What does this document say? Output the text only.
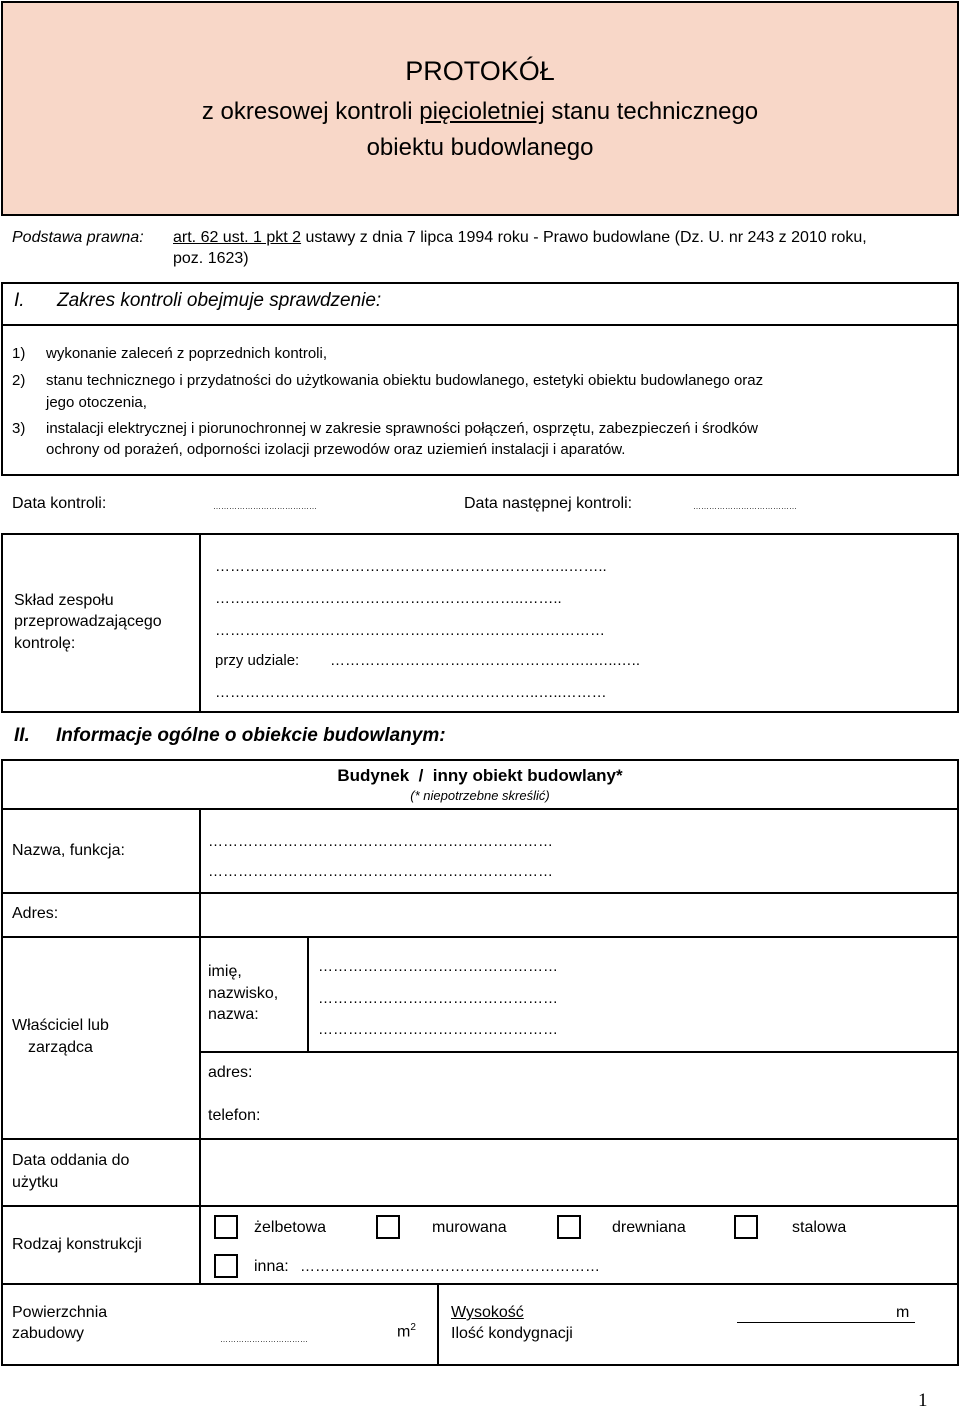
PROTOKÓŁ
z okresowej kontroli pięcioletniej stanu technicznego
obiektu budowlanego
Podstawa prawna: art. 62 ust. 1 pkt 2 ustawy z dnia 7 lipca 1994 roku - Prawo budowlane (Dz. U. nr 243 z 2010 roku,
poz. 1623)
I. Zakres kontroli obejmuje sprawdzenie:
1) wykonanie zaleceń z poprzednich kontroli,
2) stanu technicznego i przydatności do użytkowania obiektu budowlanego, estetyki obiektu budowlanego oraz
jego otoczenia,
3) instalacji elektrycznej i piorunochronnej w zakresie sprawności połączeń, osprzętu, zabezpieczeń i środków
ochrony od porażeń, odporności izolacji przewodów oraz uziemień instalacji i aparatów.
Data kontroli:	…………………………………	Data następnej kontroli:	…………………………………
Skład zespołu
przeprowadzającego
kontrolę:
……………………………………………………………..……..
……………………………………………………..……..
……………………………………………………………………
przy udziale: ……………………………………………..…..…..
………………………………………………………..…..………
II. Informacje ogólne o obiekcie budowlanym:
Budynek  /  inny obiekt budowlany*
(* niepotrzebne skreślić)
Nazwa, funkcja:
……………………………………………………………
……………………………………………………………
Adres:
Właściciel lub
zarządca
imię,
nazwisko,
nazwa:
…………………………………………
…………………………………………
…………………………………………
adres:
telefon:
Data oddania do
użytku
Rodzaj konstrukcji
żelbetowa	murowana	drewniana	stalowa
inna: ……………………………………………………
Powierzchnia
zabudowy	……………………………	$m^2$
Wysokość	m
Ilość kondygnacji
1
